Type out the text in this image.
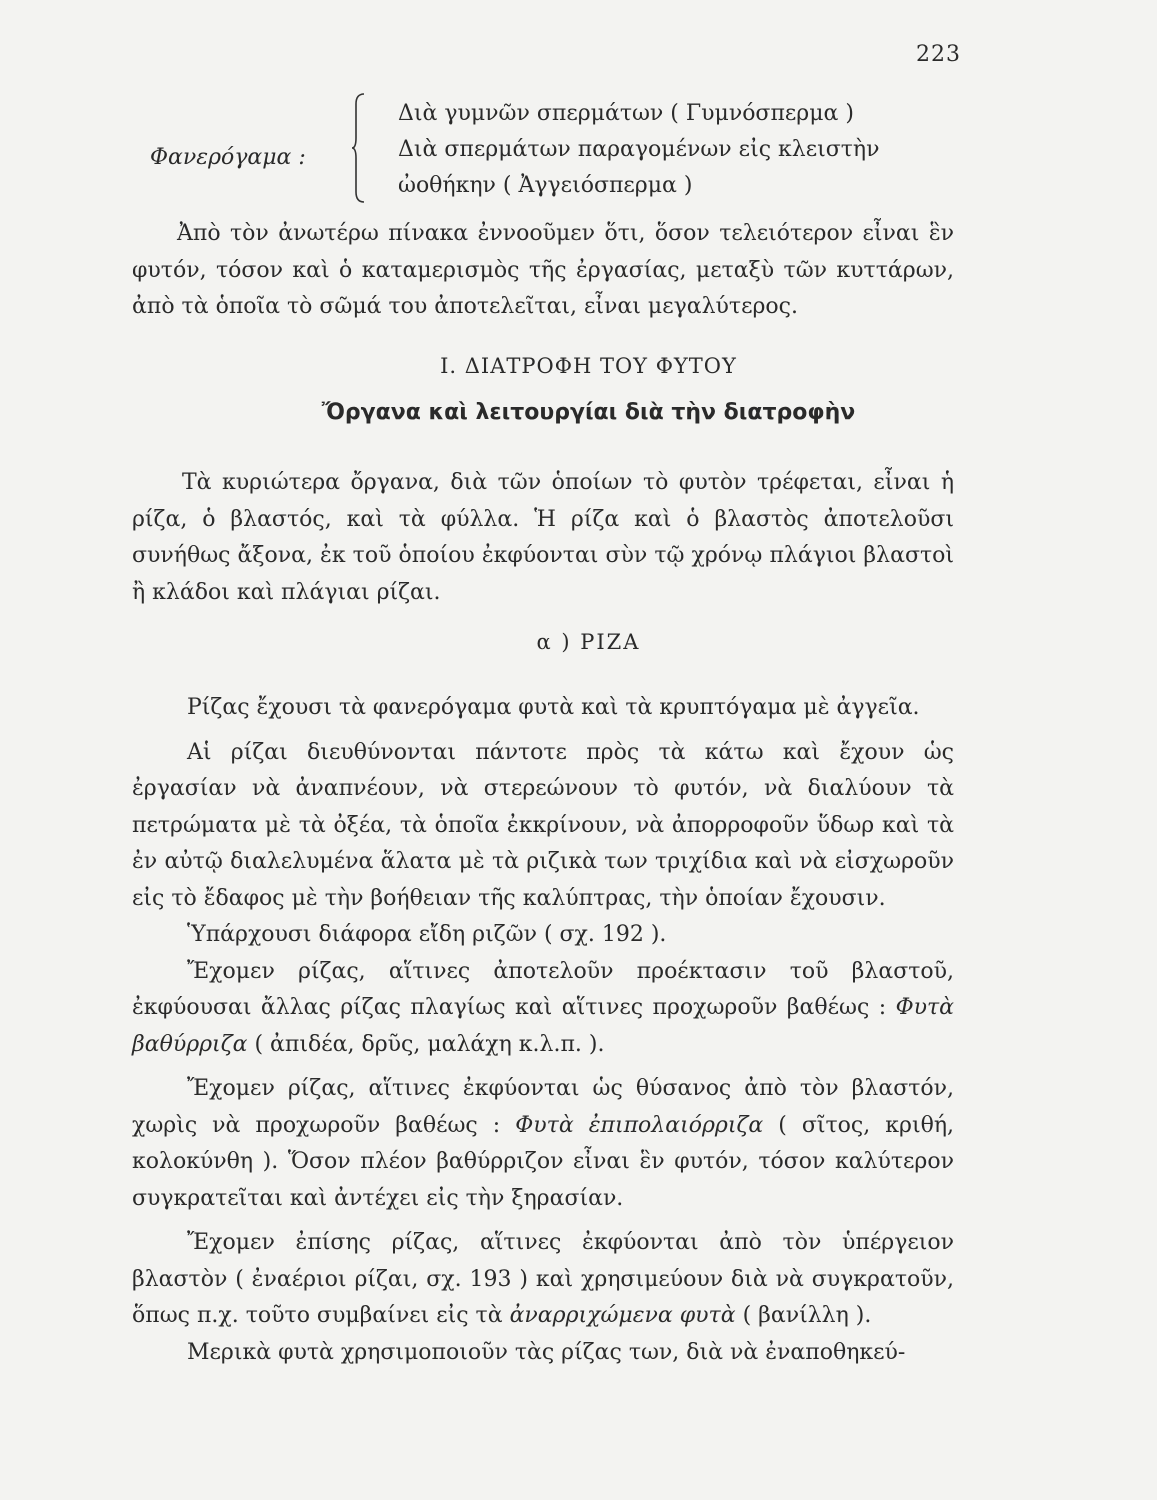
223
Φανερόγαμα :
Διὰ γυμνῶν σπερμάτων ( Γυμνόσπερμα )
Διὰ σπερμάτων παραγομένων εἰς κλειστὴν
ὠοθήκην ( Ἀγγειόσπερμα )

Ἀπὸ τὸν ἀνωτέρω πίνακα ἐννοοῦμεν ὅτι, ὅσον τελειότερον εἶναι ἓν φυτόν, τόσον καὶ ὁ καταμερισμὸς τῆς ἐργασίας, μεταξὺ τῶν κυττάρων, ἀπὸ τὰ ὁποῖα τὸ σῶμά του ἀποτελεῖται, εἶναι μεγαλύτερος.

Ι. ΔΙΑΤΡΟΦΗ ΤΟΥ ΦΥΤΟΥ
Ὄργανα καὶ λειτουργίαι διὰ τὴν διατροφὴν

Τὰ κυριώτερα ὄργανα, διὰ τῶν ὁποίων τὸ φυτὸν τρέφεται, εἶναι ἡ ρίζα, ὁ βλαστός, καὶ τὰ φύλλα. Ἡ ρίζα καὶ ὁ βλαστὸς ἀποτελοῦσι συνήθως ἄξονα, ἐκ τοῦ ὁποίου ἐκφύονται σὺν τῷ χρόνῳ πλάγιοι βλαστοὶ ἢ κλάδοι καὶ πλάγιαι ρίζαι.

α ) ΡΙΖΑ

Ρίζας ἔχουσι τὰ φανερόγαμα φυτὰ καὶ τὰ κρυπτόγαμα μὲ ἀγγεῖα.

Αἱ ρίζαι διευθύνονται πάντοτε πρὸς τὰ κάτω καὶ ἔχουν ὡς ἐργασίαν νὰ ἀναπνέουν, νὰ στερεώνουν τὸ φυτόν, νὰ διαλύουν τὰ πετρώματα μὲ τὰ ὀξέα, τὰ ὁποῖα ἐκκρίνουν, νὰ ἀπορροφοῦν ὕδωρ καὶ τὰ ἐν αὐτῷ διαλελυμένα ἅλατα μὲ τὰ ριζικὰ των τριχίδια καὶ νὰ εἰσχωροῦν εἰς τὸ ἔδαφος μὲ τὴν βοήθειαν τῆς καλύπτρας, τὴν ὁποίαν ἔχουσιν.

Ὑπάρχουσι διάφορα εἴδη ριζῶν ( σχ. 192 ).

Ἔχομεν ρίζας, αἵτινες ἀποτελοῦν προέκτασιν τοῦ βλαστοῦ, ἐκφύουσαι ἄλλας ρίζας πλαγίως καὶ αἵτινες προχωροῦν βαθέως : Φυτὰ βαθύρριζα ( ἀπιδέα, δρῦς, μαλάχη κ.λ.π. ).

Ἔχομεν ρίζας, αἵτινες ἐκφύονται ὡς θύσανος ἀπὸ τὸν βλαστόν, χωρὶς νὰ προχωροῦν βαθέως : Φυτὰ ἐπιπολαιόρριζα ( σῖτος, κριθή, κολοκύνθη ). Ὅσον πλέον βαθύρριζον εἶναι ἓν φυτόν, τόσον καλύτερον συγκρατεῖται καὶ ἀντέχει εἰς τὴν ξηρασίαν.

Ἔχομεν ἐπίσης ρίζας, αἵτινες ἐκφύονται ἀπὸ τὸν ὑπέργειον βλαστὸν ( ἐναέριοι ρίζαι, σχ. 193 ) καὶ χρησιμεύουν διὰ νὰ συγκρατοῦν, ὅπως π.χ. τοῦτο συμβαίνει εἰς τὰ ἀναρριχώμενα φυτὰ ( βανίλλη ).

Μερικὰ φυτὰ χρησιμοποιοῦν τὰς ρίζας των, διὰ νὰ ἐναποθηκεύ-
